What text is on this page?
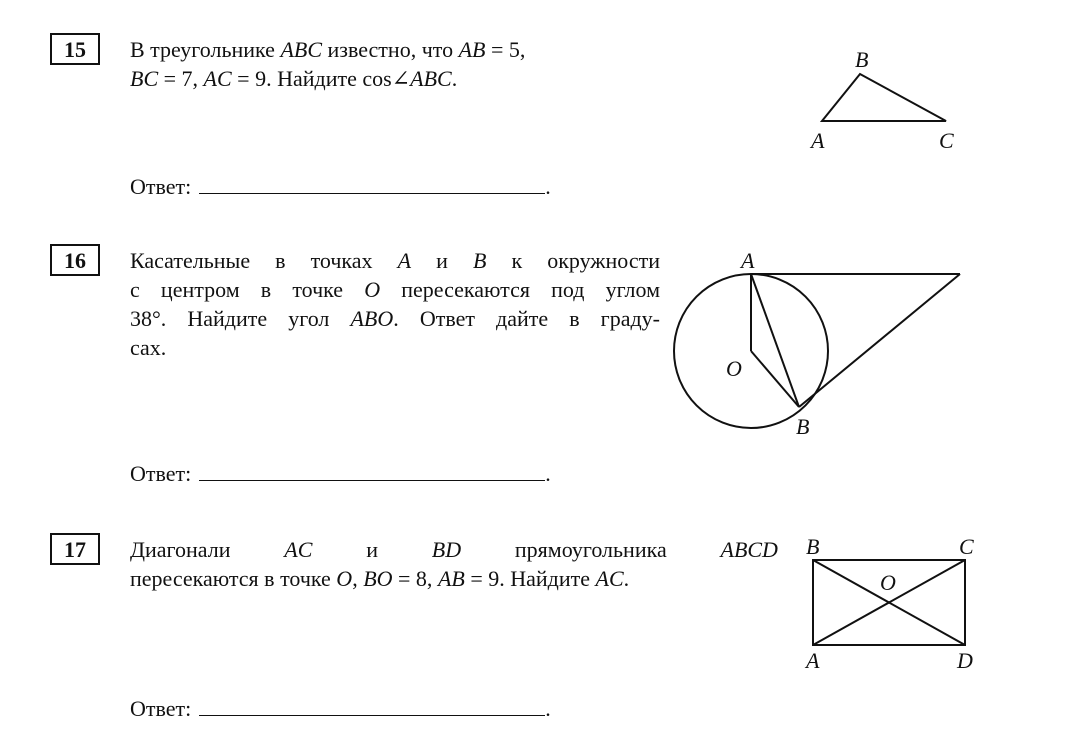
15	В треугольнике ABC известно, что AB = 5,
BC = 7, AC = 9. Найдите cos∠ABC.
Ответ:	.
16	Касательные в точках A и B к окружности
с центром в точке O пересекаются под углом
38°. Найдите угол ABO. Ответ дайте в граду-
сах.
Ответ:	.
17	Диагонали AC и BD прямоугольника ABCD
пересекаются в точке O, BO = 8, AB = 9. Найдите AC.
Ответ:	.
A
B
C
A
O
B
B	C
O
A	D
